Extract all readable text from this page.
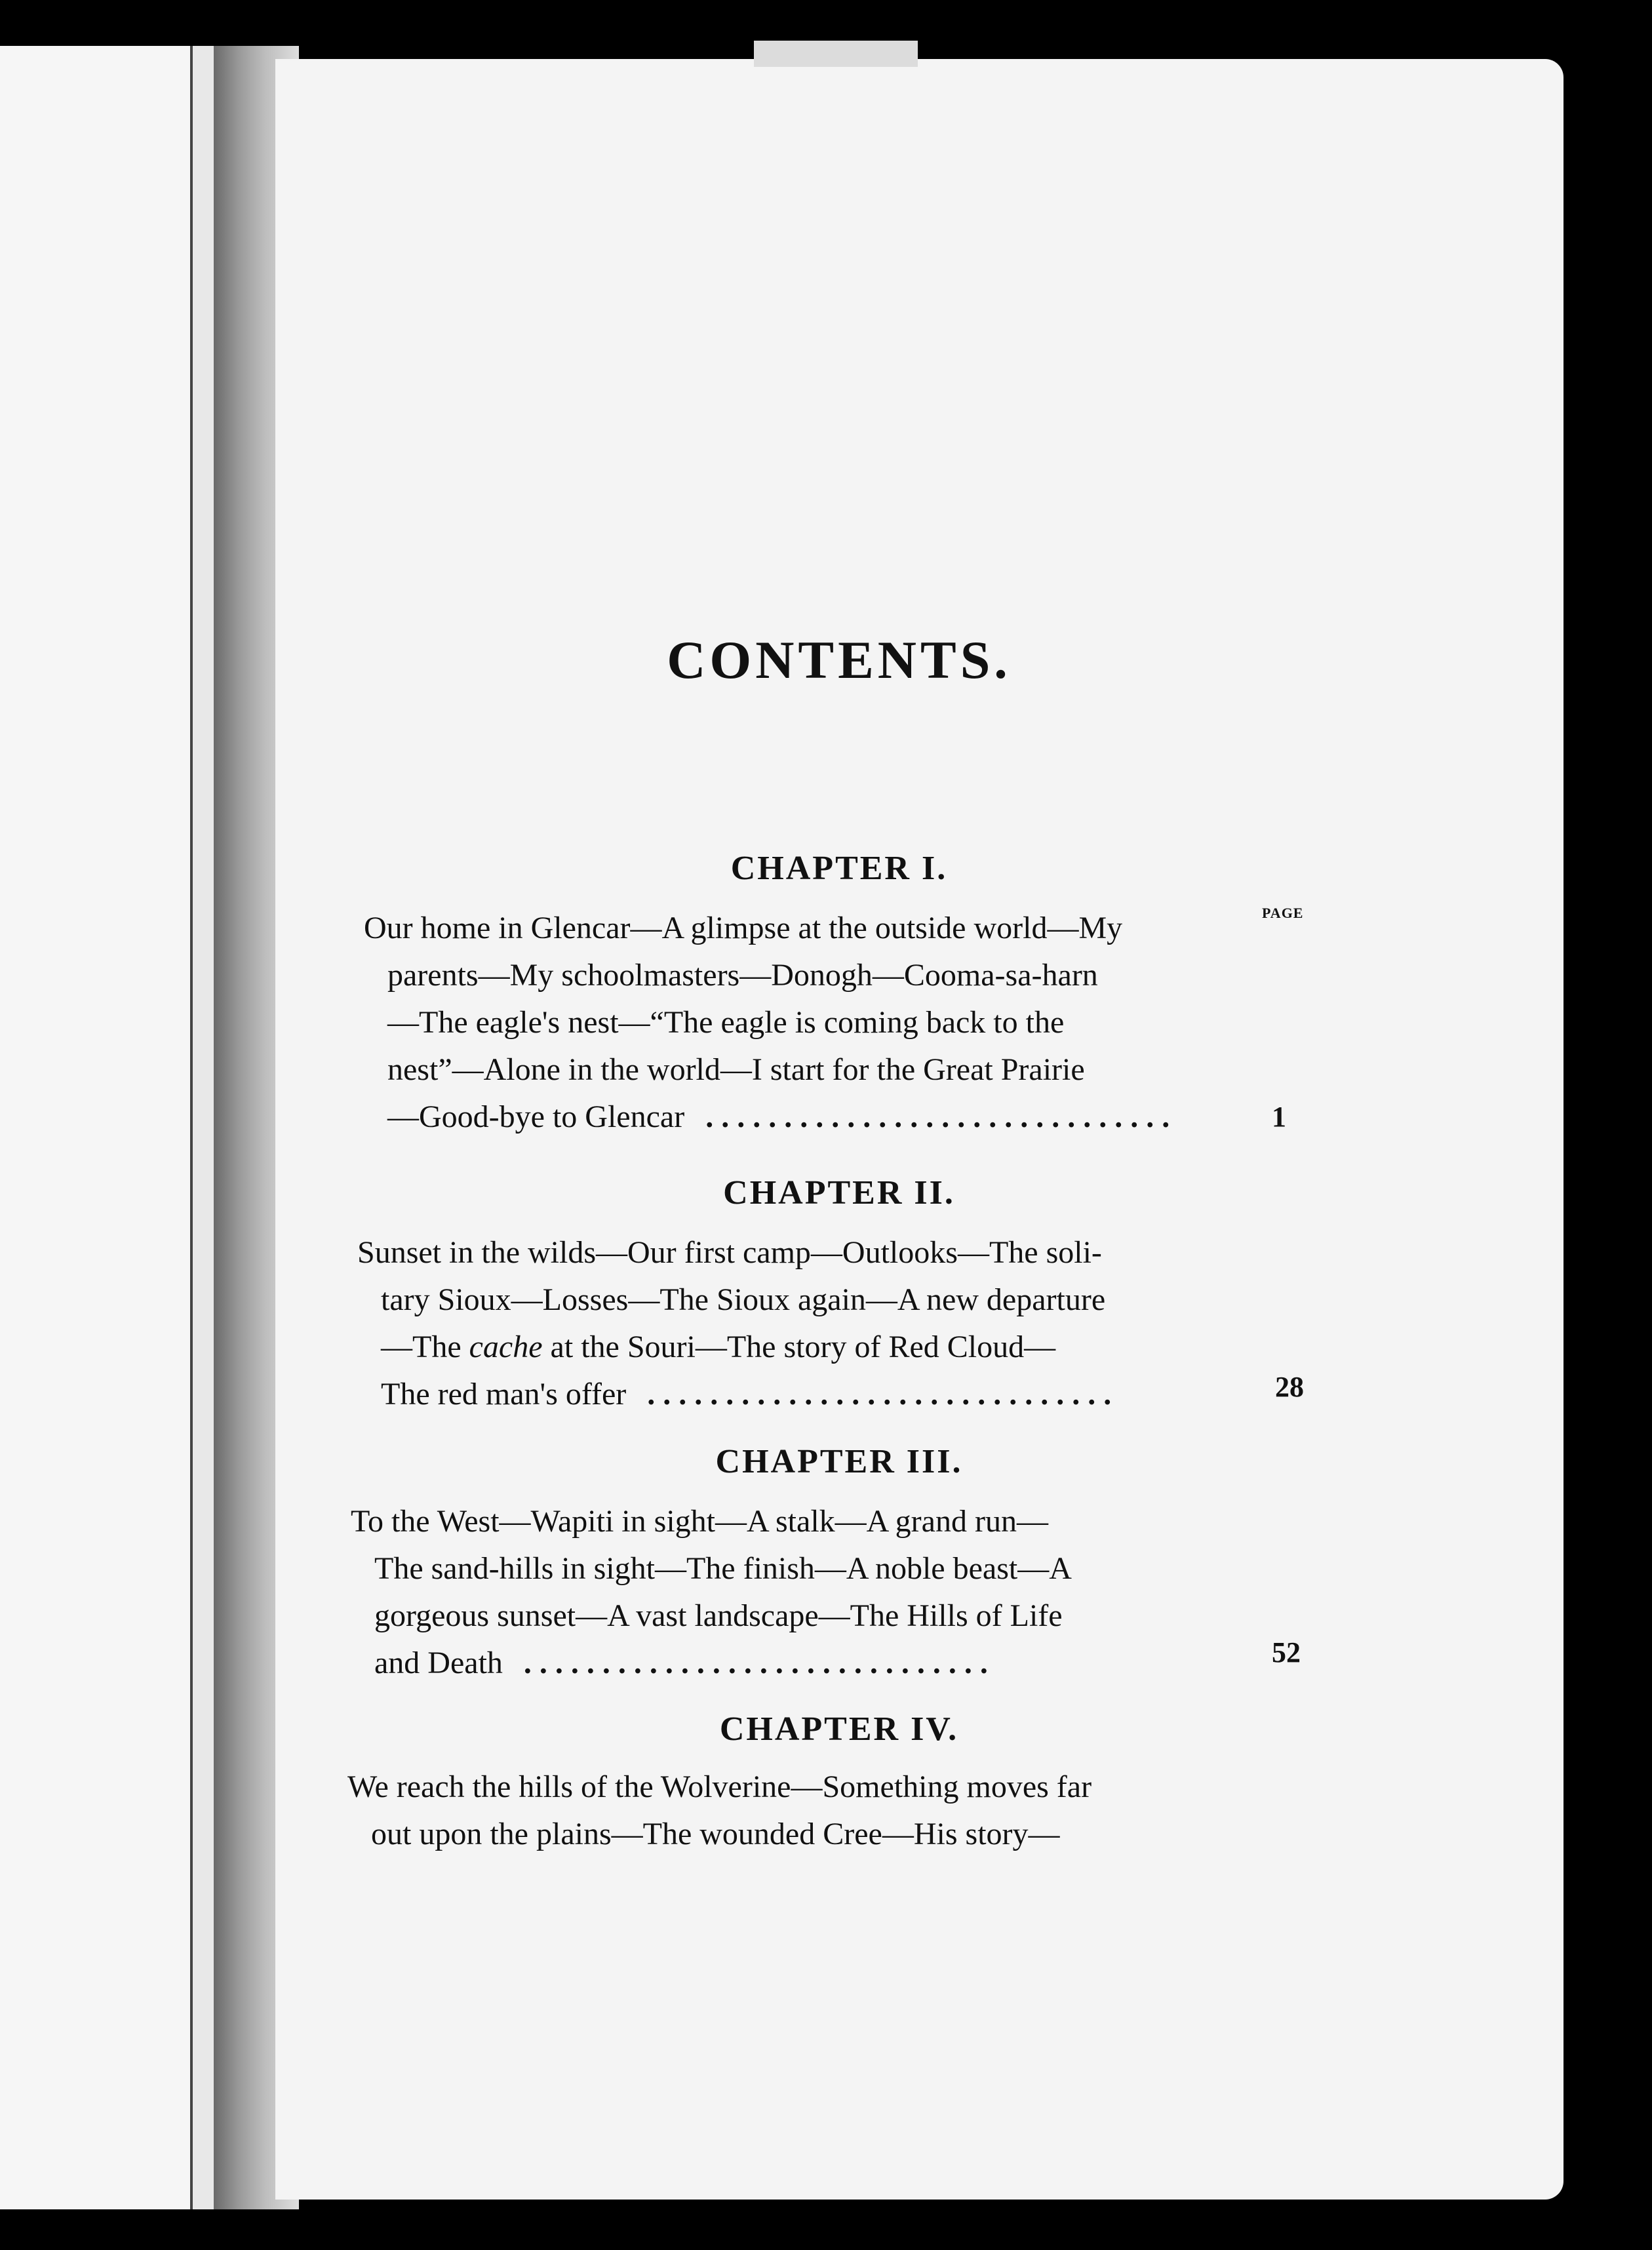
CONTENTS.
CHAPTER I.
PAGE
Our home in Glencar—A glimpse at the outside world—My
parents—My schoolmasters—Donogh—Cooma-sa-harn
—The eagle's nest—“The eagle is coming back to the
nest”—Alone in the world—I start for the Great Prairie
—Good-bye to Glencar . . . . . . . . . . . . . . . . . . . . . . . . . . . . . .	1
CHAPTER II.
Sunset in the wilds—Our first camp—Outlooks—The soli-
tary Sioux—Losses—The Sioux again—A new departure
—The cache at the Souri—The story of Red Cloud—
The red man's offer . . . . . . . . . . . . . . . . . . . . . . . . . . . . . .	28
CHAPTER III.
To the West—Wapiti in sight—A stalk—A grand run—
The sand-hills in sight—The finish—A noble beast—A
gorgeous sunset—A vast landscape—The Hills of Life
and Death . . . . . . . . . . . . . . . . . . . . . . . . . . . . . .	52
CHAPTER IV.
We reach the hills of the Wolverine—Something moves far
out upon the plains—The wounded Cree—His story—
